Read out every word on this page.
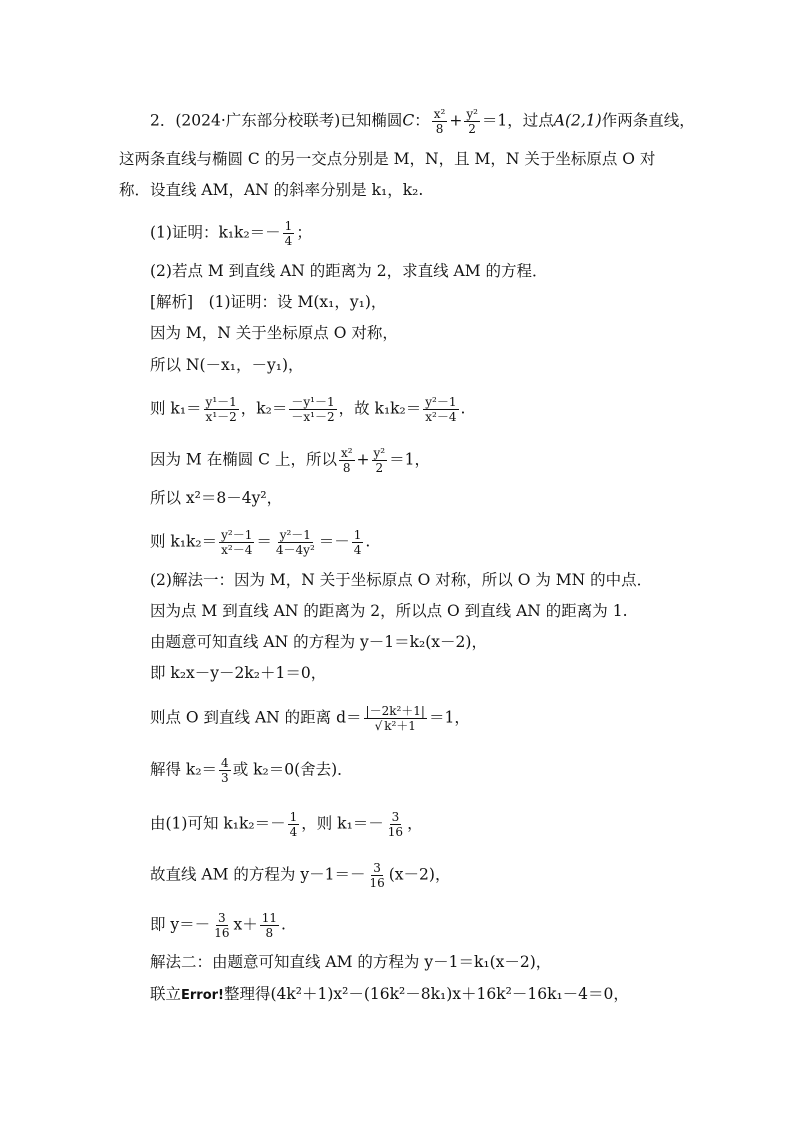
2．(2024·广东部分校联考)已知椭圆C： $\frac{\text{x²}}{8} + \frac{\text{y²}}{2} =1$，过点A(2,1)作两条直线，
这两条直线与椭圆 C 的另一交点分别是 M，N，且 M，N 关于坐标原点 O 对
称．设直线 AM，AN 的斜率分别是 k₁，k₂.
(1)证明：$k_1k_2=- \frac{1}{4}$ ；
(2)若点 M 到直线 AN 的距离为 2，求直线 AM 的方程．
[解析]　(1)证明：设 M(x₁，y₁)，
因为 M，N 关于坐标原点 O 对称，
所以 N(－x₁，－y₁)，
则 $k_1= \frac{\text{y¹－1}}{\text{x¹－2}}$ ，$k_2= \frac{\text{－y¹－1}}{\text{－x¹－2}}$ ，故 $k_1k_2= \frac{\text{y²－1}}{\text{x²－4}}$ .
因为 M 在椭圆 C 上，所以 $\frac{\text{x²}}{8} + \frac{\text{y²}}{2} =1$，
所以 x²＝8－4y²，
则 $k_1k_2= \frac{\text{y²－1}}{\text{x²－4}} = \frac{\text{y²－1}}{\text{4－4y²}} =- \frac{1}{4}$ .
(2)解法一：因为 M，N 关于坐标原点 O 对称，所以 O 为 MN 的中点．
因为点 M 到直线 AN 的距离为 2，所以点 O 到直线 AN 的距离为 1.
由题意可知直线 AN 的方程为 y－1＝k₂(x－2)，
即 k₂x－y－2k₂＋1＝0，
则点 O 到直线 AN 的距离 $d= \frac{\text{|－2k²＋1|}}{\text{√ k²＋1}} =1$，
解得 $k_2= \frac{4}{3}$ 或 k₂＝0(舍去)．
由(1)可知 $k_1k_2=- \frac{1}{4}$ ，则 $k_1=- \frac{3}{16}$ ，
故直线 AM 的方程为 $y-1=- \frac{3}{16} (x-2)$，
即 $y=- \frac{3}{16} x+ \frac{11}{8}$ .
解法二：由题意可知直线 AM 的方程为 y－1＝k₁(x－2)，
联立Error!整理得(4k²＋1)x²－(16k²－8k₁)x＋16k²－16k₁－4＝0，
